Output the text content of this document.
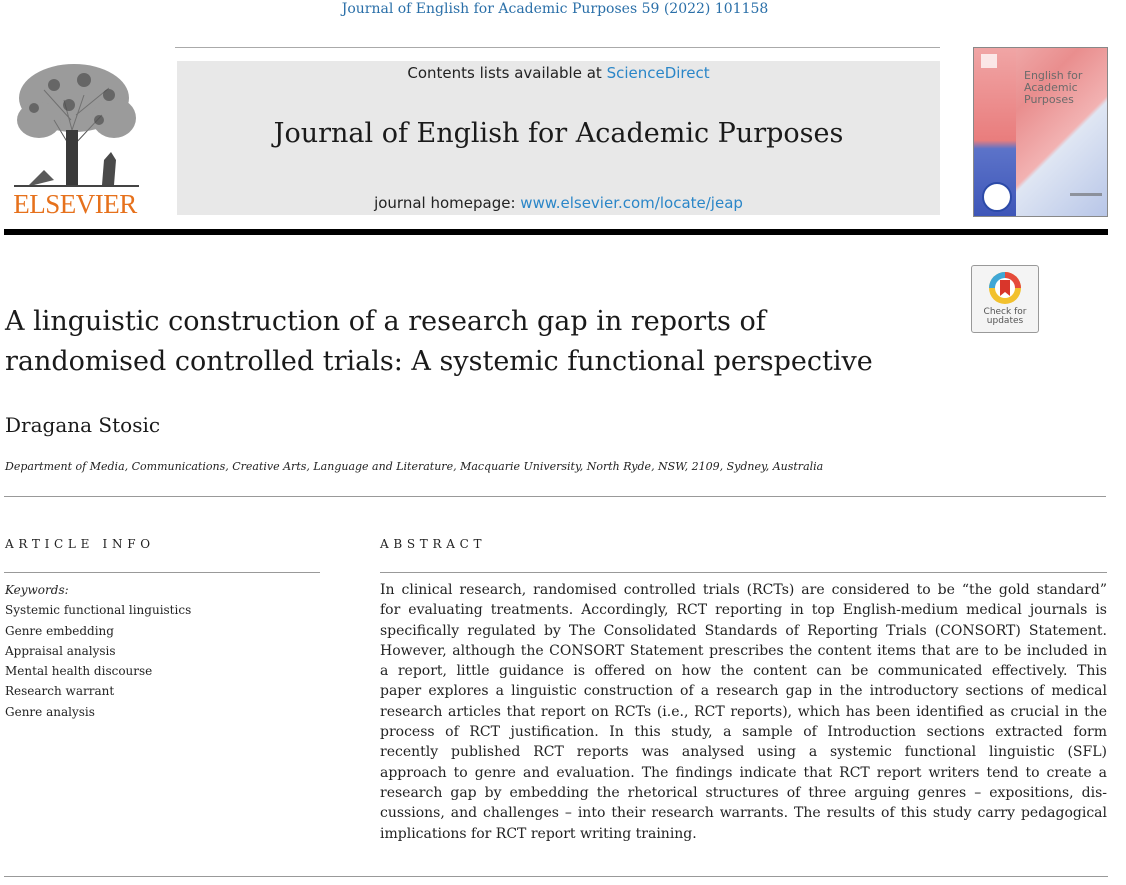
Journal of English for Academic Purposes 59 (2022) 101158
ELSEVIER
Contents lists available at ScienceDirect
Journal of English for Academic Purposes
journal homepage: www.elsevier.com/locate/jeap
English for
Academic
Purposes
Check for
updates
A linguistic construction of a research gap in reports of
randomised controlled trials: A systemic functional perspective
Dragana Stosic
Department of Media, Communications, Creative Arts, Language and Literature, Macquarie University, North Ryde, NSW, 2109, Sydney, Australia
ARTICLE INFO
Keywords:
Systemic functional linguistics
Genre embedding
Appraisal analysis
Mental health discourse
Research warrant
Genre analysis
ABSTRACT
In clinical research, randomised controlled trials (RCTs) are considered to be “the gold standard”
for evaluating treatments. Accordingly, RCT reporting in top English-medium medical journals is
specifically regulated by The Consolidated Standards of Reporting Trials (CONSORT) Statement.
However, although the CONSORT Statement prescribes the content items that are to be included in
a report, little guidance is offered on how the content can be communicated effectively. This
paper explores a linguistic construction of a research gap in the introductory sections of medical
research articles that report on RCTs (i.e., RCT reports), which has been identified as crucial in the
process of RCT justification. In this study, a sample of Introduction sections extracted form
recently published RCT reports was analysed using a systemic functional linguistic (SFL)
approach to genre and evaluation. The findings indicate that RCT report writers tend to create a
research gap by embedding the rhetorical structures of three arguing genres – expositions, dis-
cussions, and challenges – into their research warrants. The results of this study carry pedagogical
implications for RCT report writing training.
